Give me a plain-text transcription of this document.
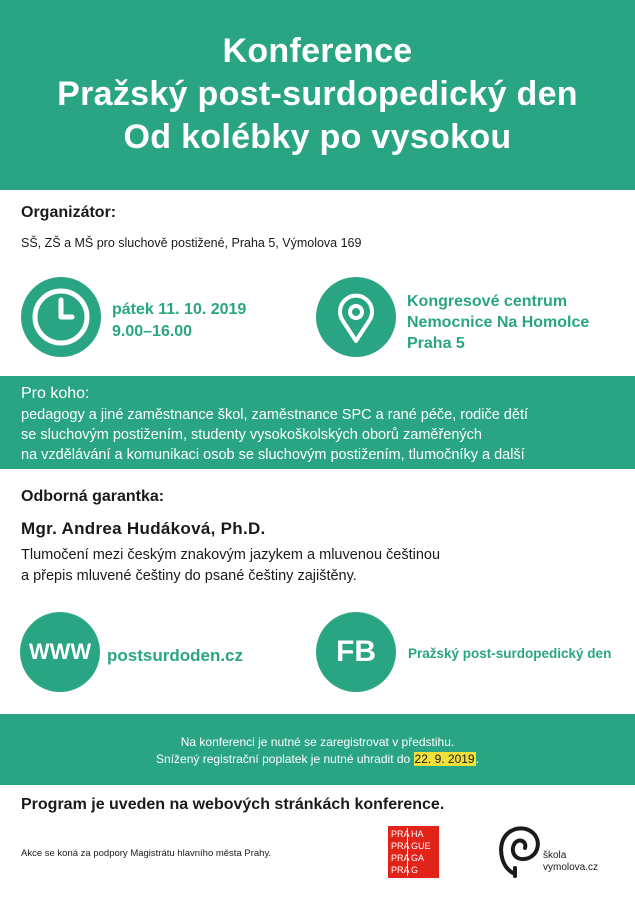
Konference
Pražský post-surdopedický den
Od kolébky po vysokou
Organizátor:
SŠ, ZŠ a MŠ pro sluchově postižené, Praha 5, Výmolova 169
pátek 11. 10. 2019
9.00–16.00
Kongresové centrum
Nemocnice Na Homolce
Praha 5
Pro koho:
pedagogy a jiné zaměstnance škol, zaměstnance SPC a rané péče, rodiče dětí
se sluchovým postižením, studenty vysokoškolských oborů zaměřených
na vzdělávání a komunikaci osob se sluchovým postižením, tlumočníky a další
Odborná garantka:
Mgr. Andrea Hudáková, Ph.D.
Tlumočení mezi českým znakovým jazykem a mluvenou češtinou
a přepis mluvené češtiny do psané češtiny zajištěny.
WWW postsurdoden.cz	FB	Pražský post-surdopedický den
Na konferenci je nutné se zaregistrovat v předstihu.
Snížený registrační poplatek je nutné uhradit do 22. 9. 2019.
Program je uveden na webových stránkách konference.
Akce se koná za podpory Magistrátu hlavního města Prahy.
PRA HA
PRA GUE
PRA GA
PRA G
škola
vymolova.cz
